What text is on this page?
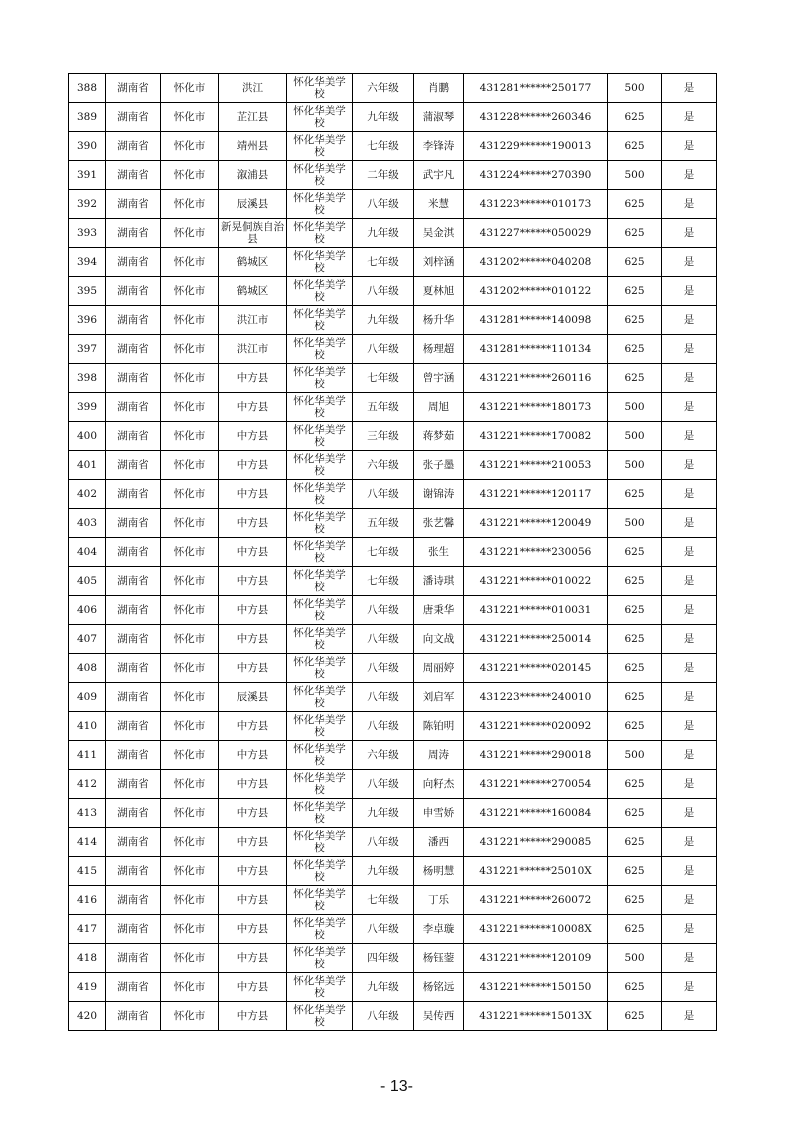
388	湖南省	怀化市	洪江	怀化华美学校	六年级	肖鹏	431281******250177	500	是
389	湖南省	怀化市	芷江县	怀化华美学校	九年级	蒲淑琴	431228******260346	625	是
390	湖南省	怀化市	靖州县	怀化华美学校	七年级	李锋涛	431229******190013	625	是
391	湖南省	怀化市	溆浦县	怀化华美学校	二年级	武宇凡	431224******270390	500	是
392	湖南省	怀化市	辰溪县	怀化华美学校	八年级	米慧	431223******010173	625	是
393	湖南省	怀化市	新晃侗族自治县	怀化华美学校	九年级	吴金淇	431227******050029	625	是
394	湖南省	怀化市	鹤城区	怀化华美学校	七年级	刘梓涵	431202******040208	625	是
395	湖南省	怀化市	鹤城区	怀化华美学校	八年级	夏林旭	431202******010122	625	是
396	湖南省	怀化市	洪江市	怀化华美学校	九年级	杨升华	431281******140098	625	是
397	湖南省	怀化市	洪江市	怀化华美学校	八年级	杨理超	431281******110134	625	是
398	湖南省	怀化市	中方县	怀化华美学校	七年级	曾宇涵	431221******260116	625	是
399	湖南省	怀化市	中方县	怀化华美学校	五年级	周旭	431221******180173	500	是
400	湖南省	怀化市	中方县	怀化华美学校	三年级	蒋梦茹	431221******170082	500	是
401	湖南省	怀化市	中方县	怀化华美学校	六年级	张子墨	431221******210053	500	是
402	湖南省	怀化市	中方县	怀化华美学校	八年级	谢锦涛	431221******120117	625	是
403	湖南省	怀化市	中方县	怀化华美学校	五年级	张艺馨	431221******120049	500	是
404	湖南省	怀化市	中方县	怀化华美学校	七年级	张生	431221******230056	625	是
405	湖南省	怀化市	中方县	怀化华美学校	七年级	潘诗琪	431221******010022	625	是
406	湖南省	怀化市	中方县	怀化华美学校	八年级	唐秉华	431221******010031	625	是
407	湖南省	怀化市	中方县	怀化华美学校	八年级	向文战	431221******250014	625	是
408	湖南省	怀化市	中方县	怀化华美学校	八年级	周丽婷	431221******020145	625	是
409	湖南省	怀化市	辰溪县	怀化华美学校	八年级	刘启军	431223******240010	625	是
410	湖南省	怀化市	中方县	怀化华美学校	八年级	陈铂明	431221******020092	625	是
411	湖南省	怀化市	中方县	怀化华美学校	六年级	周涛	431221******290018	500	是
412	湖南省	怀化市	中方县	怀化华美学校	八年级	向籽杰	431221******270054	625	是
413	湖南省	怀化市	中方县	怀化华美学校	九年级	申雪娇	431221******160084	625	是
414	湖南省	怀化市	中方县	怀化华美学校	八年级	潘西	431221******290085	625	是
415	湖南省	怀化市	中方县	怀化华美学校	九年级	杨明慧	431221******25010X	625	是
416	湖南省	怀化市	中方县	怀化华美学校	七年级	丁乐	431221******260072	625	是
417	湖南省	怀化市	中方县	怀化华美学校	八年级	李卓璇	431221******10008X	625	是
418	湖南省	怀化市	中方县	怀化华美学校	四年级	杨钰蓥	431221******120109	500	是
419	湖南省	怀化市	中方县	怀化华美学校	九年级	杨铭远	431221******150150	625	是
420	湖南省	怀化市	中方县	怀化华美学校	八年级	吴传西	431221******15013X	625	是
- 13-
